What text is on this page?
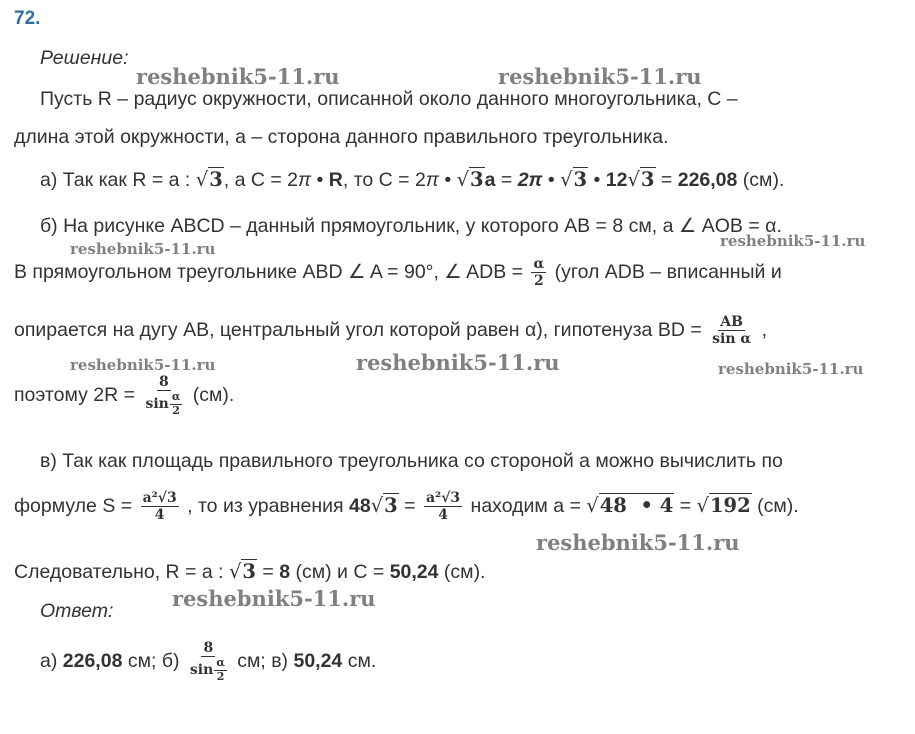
72.
Решение:
Пусть R – радиус окружности, описанной около данного многоугольника, С –
длина этой окружности, а – сторона данного правильного треугольника.
а) Так как R = a : √3, а С = 2π • R, то С = 2π • √3a = 2π • √3 • 12√3 = 226,08 (см).
б) На рисунке ABCD – данный прямоугольник, у которого AB = 8 см, а ∠ AOB = α.
В прямоугольном треугольнике ABD ∠ A = 90°, ∠ ADB = $\frac{\alpha}{2}$ (угол ADB – вписанный и
опирается на дугу AB, центральный угол которой равен α), гипотенуза BD = $\frac{AB}{\text{sin α}}$ ,
поэтому $2R = \frac{8}{\sin \frac{\alpha}{2}} (см)$.
в) Так как площадь правильного треугольника со стороной а можно вычислить по
формуле $S = \frac{\text{a²√3}}{4}$ , то из уравнения $48√3 = \frac{\text{a²√3}}{4}$ находим а = √48  • 4 = √192 (см).
Следовательно, R = a : √3 = 8 (см) и С = 50,24 (см).
Ответ:
а) 226,08 см; $б) \frac{8}{\sin \frac{\alpha}{2}}$ см; в) 50,24 см.
reshebnik5-11.ru	reshebnik5-11.ru
reshebnik5-11.ru	reshebnik5-11.ru
reshebnik5-11.ru	reshebnik5-11.ru	reshebnik5-11.ru
reshebnik5-11.ru
reshebnik5-11.ru
